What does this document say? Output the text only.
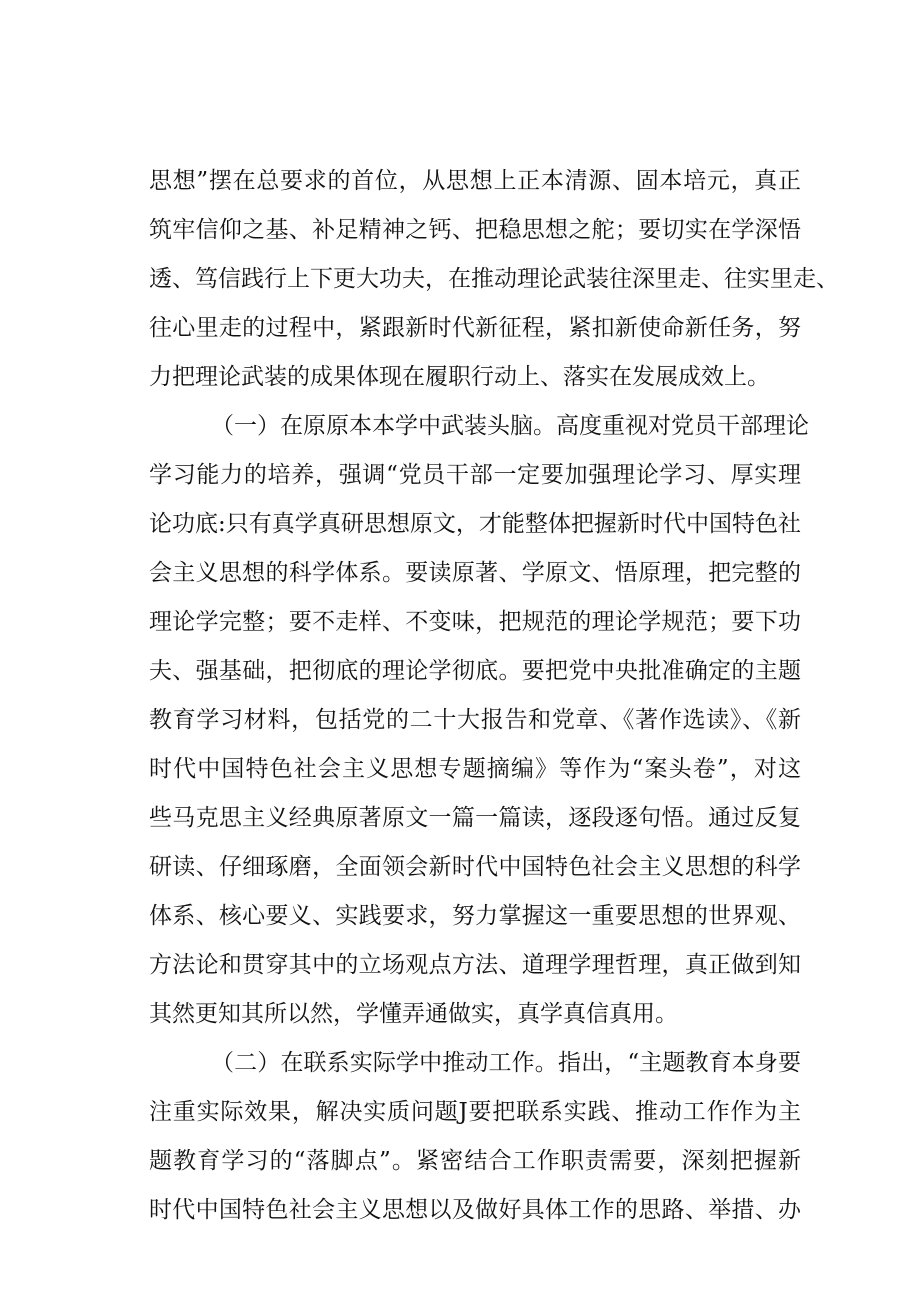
思想”摆在总要求的首位，从思想上正本清源、固本培元，真正
筑牢信仰之基、补足精神之钙、把稳思想之舵；要切实在学深悟
透、笃信践行上下更大功夫，在推动理论武装往深里走、往实里走、
往心里走的过程中，紧跟新时代新征程，紧扣新使命新任务，努
力把理论武装的成果体现在履职行动上、落实在发展成效上。
（一）在原原本本学中武装头脑。高度重视对党员干部理论
学习能力的培养，强调“党员干部一定要加强理论学习、厚实理
论功底:只有真学真研思想原文，才能整体把握新时代中国特色社
会主义思想的科学体系。要读原著、学原文、悟原理，把完整的
理论学完整；要不走样、不变味，把规范的理论学规范；要下功
夫、强基础，把彻底的理论学彻底。要把党中央批准确定的主题
教育学习材料，包括党的二十大报告和党章、《著作选读》、《新
时代中国特色社会主义思想专题摘编》等作为“案头卷”，对这
些马克思主义经典原著原文一篇一篇读，逐段逐句悟。通过反复
研读、仔细琢磨，全面领会新时代中国特色社会主义思想的科学
体系、核心要义、实践要求，努力掌握这一重要思想的世界观、
方法论和贯穿其中的立场观点方法、道理学理哲理，真正做到知
其然更知其所以然，学懂弄通做实，真学真信真用。
（二）在联系实际学中推动工作。指出，“主题教育本身要
注重实际效果，解决实质问题J要把联系实践、推动工作作为主
题教育学习的“落脚点”。紧密结合工作职责需要，深刻把握新
时代中国特色社会主义思想以及做好具体工作的思路、举措、办
